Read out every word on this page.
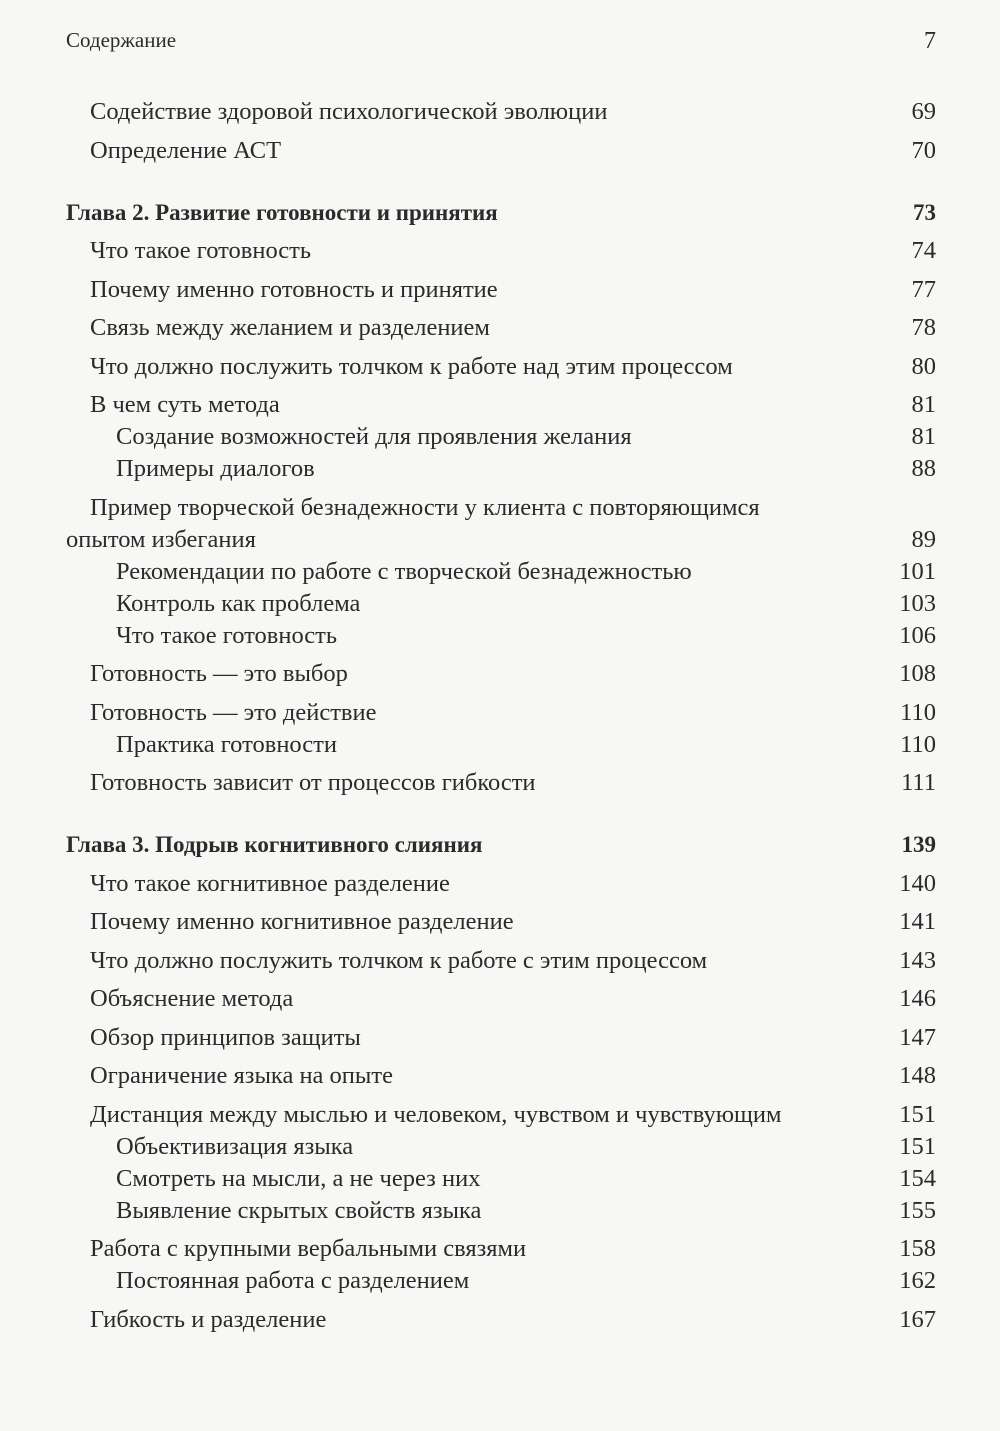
Содержание	7
Содействие здоровой психологической эволюции	69
Определение АСТ	70
Глава 2. Развитие готовности и принятия	73
Что такое готовность	74
Почему именно готовность и принятие	77
Связь между желанием и разделением	78
Что должно послужить толчком к работе над этим процессом	80
В чем суть метода	81
Создание возможностей для проявления желания	81
Примеры диалогов	88
Пример творческой безнадежности у клиента с повторяющимся
опытом избегания	89
Рекомендации по работе с творческой безнадежностью	101
Контроль как проблема	103
Что такое готовность	106
Готовность — это выбор	108
Готовность — это действие	110
Практика готовности	110
Готовность зависит от процессов гибкости	111
Глава 3. Подрыв когнитивного слияния	139
Что такое когнитивное разделение	140
Почему именно когнитивное разделение	141
Что должно послужить толчком к работе с этим процессом	143
Объяснение метода	146
Обзор принципов защиты	147
Ограничение языка на опыте	148
Дистанция между мыслью и человеком, чувством и чувствующим	151
Объективизация языка	151
Смотреть на мысли, а не через них	154
Выявление скрытых свойств языка	155
Работа с крупными вербальными связями	158
Постоянная работа с разделением	162
Гибкость и разделение	167
